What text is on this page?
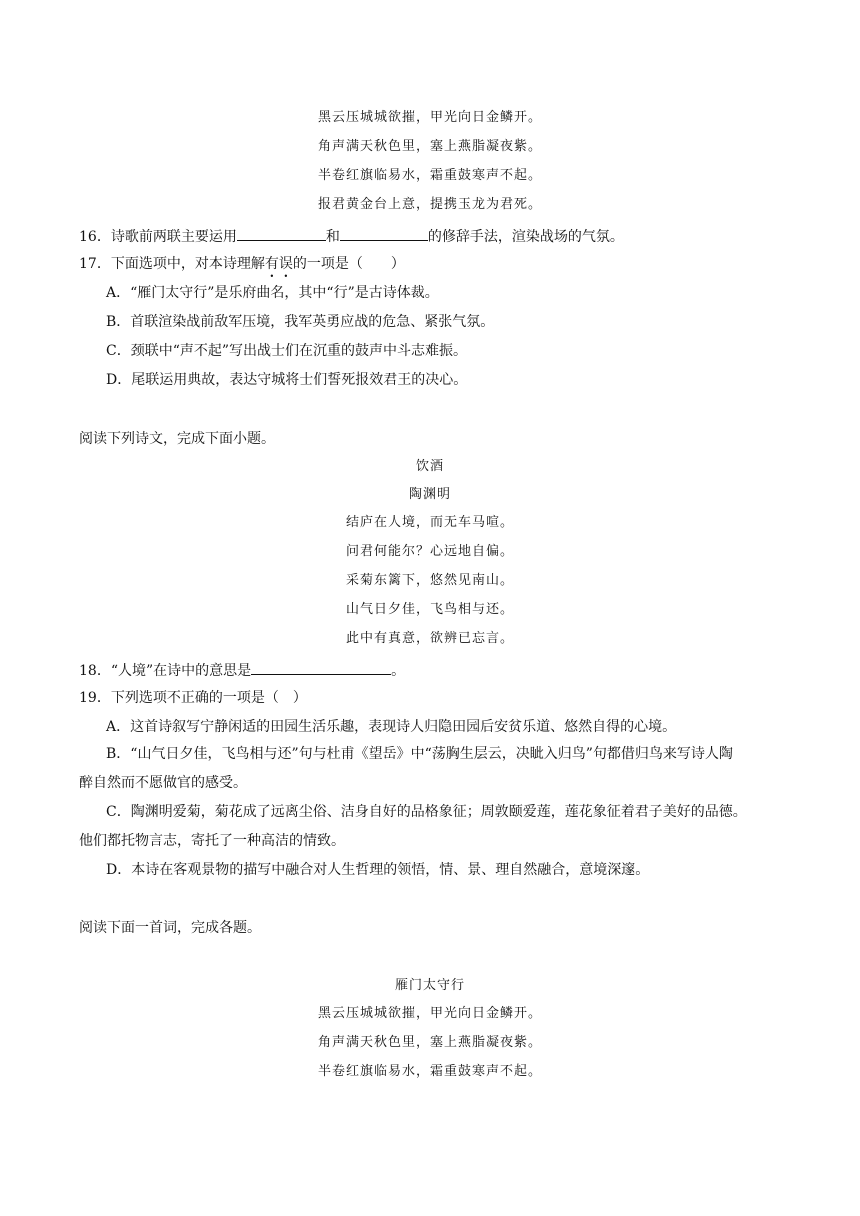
黑云压城城欲摧，甲光向日金鳞开。
角声满天秋色里，塞上燕脂凝夜紫。
半卷红旗临易水，霜重鼓寒声不起。
报君黄金台上意，提携玉龙为君死。
16．诗歌前两联主要运用	和	的修辞手法，渲染战场的气氛。
17．下面选项中，对本诗理解有误的一项是（　　）
A．“雁门太守行”是乐府曲名，其中“行”是古诗体裁。
B．首联渲染战前敌军压境，我军英勇应战的危急、紧张气氛。
C．颈联中“声不起”写出战士们在沉重的鼓声中斗志难振。
D．尾联运用典故，表达守城将士们誓死报效君王的决心。
阅读下列诗文，完成下面小题。
饮酒
陶渊明
结庐在人境，而无车马喧。
问君何能尔？心远地自偏。
采菊东篱下，悠然见南山。
山气日夕佳，飞鸟相与还。
此中有真意，欲辨已忘言。
18．“人境”在诗中的意思是	。
19．下列选项不正确的一项是（　）
A．这首诗叙写宁静闲适的田园生活乐趣，表现诗人归隐田园后安贫乐道、悠然自得的心境。
B．“山气日夕佳，飞鸟相与还”句与杜甫《望岳》中“荡胸生层云，决眦入归鸟”句都借归鸟来写诗人陶
醉自然而不愿做官的感受。
C．陶渊明爱菊，菊花成了远离尘俗、洁身自好的品格象征；周敦颐爱莲，莲花象征着君子美好的品德。
他们都托物言志，寄托了一种高洁的情致。
D．本诗在客观景物的描写中融合对人生哲理的领悟，情、景、理自然融合，意境深邃。
阅读下面一首词，完成各题。
雁门太守行
黑云压城城欲摧，甲光向日金鳞开。
角声满天秋色里，塞上燕脂凝夜紫。
半卷红旗临易水，霜重鼓寒声不起。
